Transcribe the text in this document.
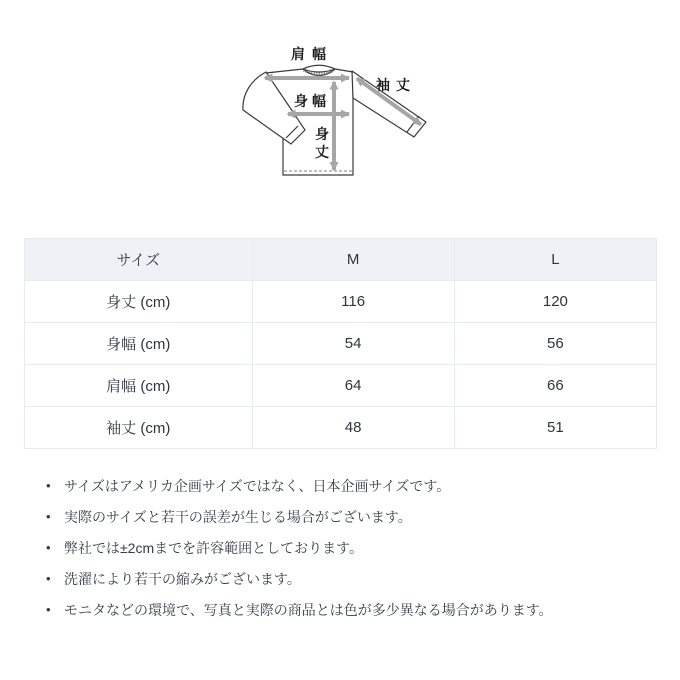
肩幅
袖丈
身幅
身
丈
サイズ	M	L
身丈 (cm)	116	120
身幅 (cm)	54	56
肩幅 (cm)	64	66
袖丈 (cm)	48	51
• サイズはアメリカ企画サイズではなく、日本企画サイズです。
• 実際のサイズと若干の誤差が生じる場合がございます。
• 弊社では±2cmまでを許容範囲としております。
• 洗濯により若干の縮みがございます。
• モニタなどの環境で、写真と実際の商品とは色が多少異なる場合があります。
